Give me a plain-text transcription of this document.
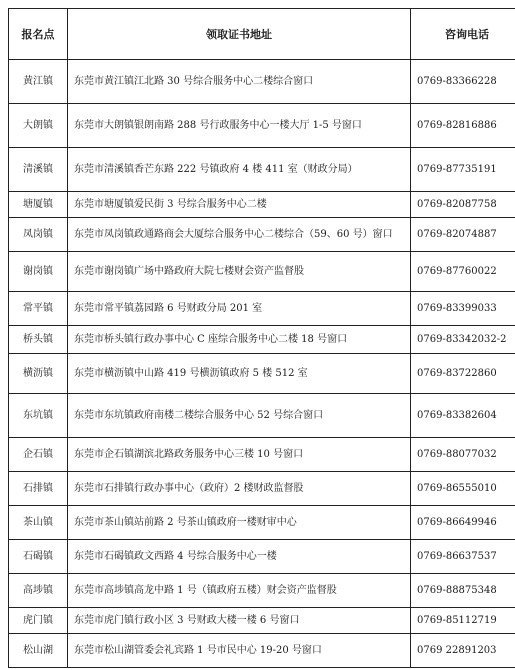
报名点	领取证书地址	咨询电话
黄江镇	东莞市黄江镇江北路 30 号综合服务中心二楼综合窗口	0769-83366228
大朗镇	东莞市大朗镇银朗南路 288 号行政服务中心一楼大厅 1-5 号窗口	0769-82816886
清溪镇	东莞市清溪镇香芒东路 222 号镇政府 4 楼 411 室（财政分局）	0769-87735191
塘厦镇	东莞市塘厦镇爱民街 3 号综合服务中心二楼	0769-82087758
凤岗镇	东莞市凤岗镇政通路商会大厦综合服务中心二楼综合（59、60 号）窗口	0769-82074887
谢岗镇	东莞市谢岗镇广场中路政府大院七楼财会资产监督股	0769-87760022
常平镇	东莞市常平镇荔园路 6 号财政分局 201 室	0769-83399033
桥头镇	东莞市桥头镇行政办事中心 C 座综合服务中心二楼 18 号窗口	0769-83342032-2
横沥镇	东莞市横沥镇中山路 419 号横沥镇政府 5 楼 512 室	0769-83722860
东坑镇	东莞市东坑镇政府南楼二楼综合服务中心 52 号综合窗口	0769-83382604
企石镇	东莞市企石镇湖滨北路政务服务中心三楼 10 号窗口	0769-88077032
石排镇	东莞市石排镇行政办事中心（政府）2 楼财政监督股	0769-86555010
茶山镇	东莞市茶山镇站前路 2 号茶山镇政府一楼财审中心	0769-86649946
石碣镇	东莞市石碣镇政文西路 4 号综合服务中心一楼	0769-86637537
高埗镇	东莞市高埗镇高龙中路 1 号（镇政府五楼）财会资产监督股	0769-88875348
虎门镇	东莞市虎门镇行政小区 3 号财政大楼一楼 6 号窗口	0769-85112719
松山湖	东莞市松山湖管委会礼宾路 1 号市民中心 19-20 号窗口	0769 22891203
